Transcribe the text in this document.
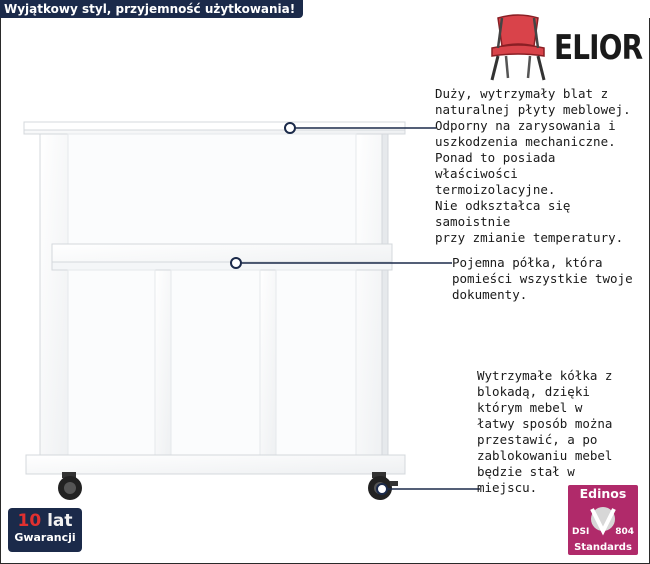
Wyjątkowy styl, przyjemność użytkowania!
ELIOR
Duży, wytrzymały blat z
naturalnej płyty meblowej.
Odporny na zarysowania i
uszkodzenia mechaniczne.
Ponad to posiada właściwości
termoizolacyjne.
Nie odkształca się samoistnie
przy zmianie temperatury.
Pojemna półka, która
pomieści wszystkie twoje
dokumenty.
Wytrzymałe kółka z
blokadą, dzięki
którym mebel w
łatwy sposób można
przestawić, a po
zablokowaniu mebel
będzie stał w
miejscu.
10 lat
Gwarancji
Edinos
DSI	804
Standards
